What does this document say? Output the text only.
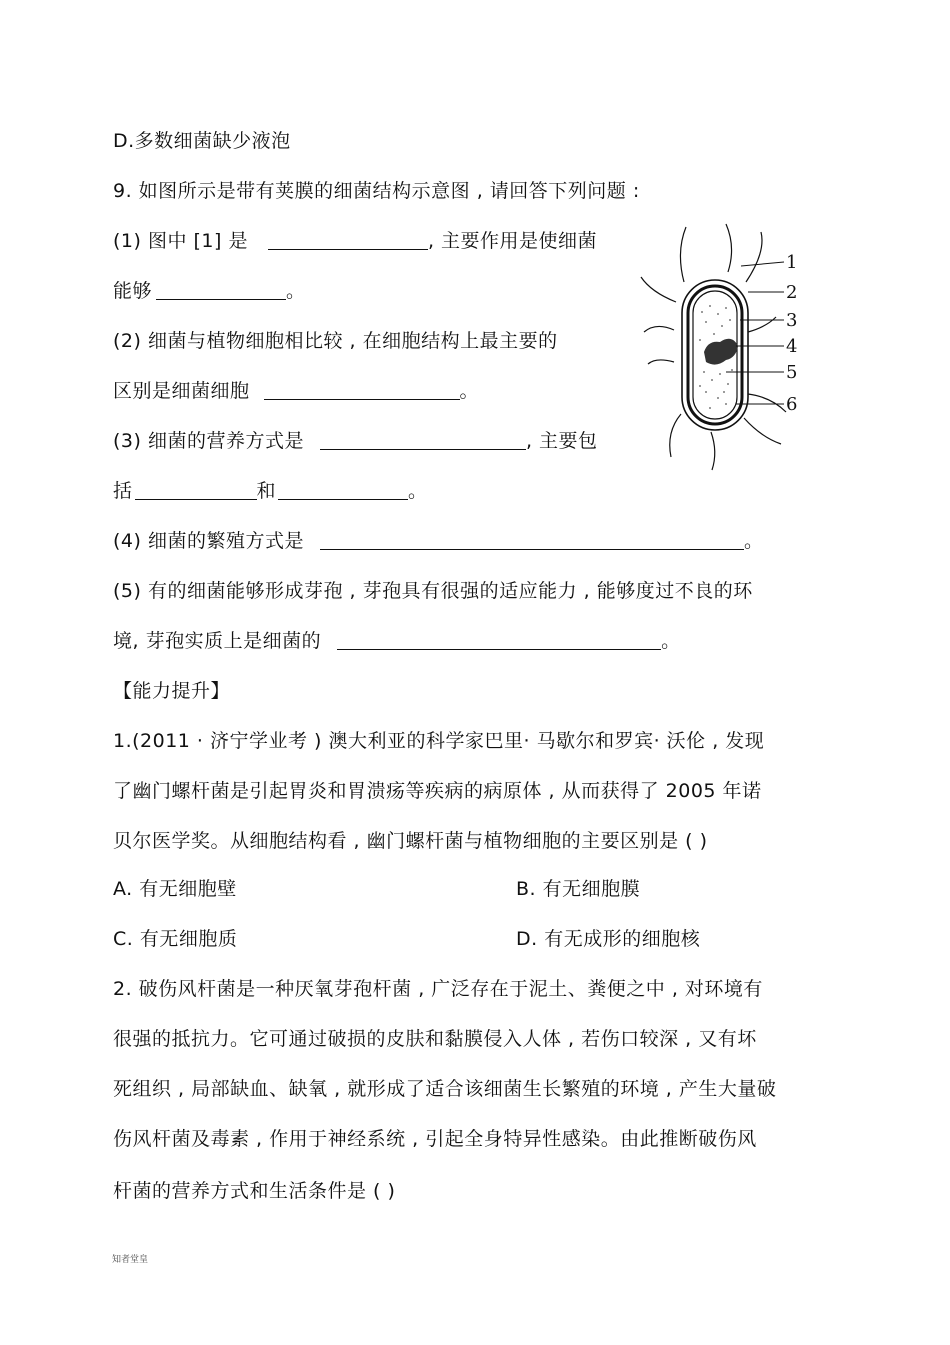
D.多数细菌缺少液泡
9. 如图所示是带有荚膜的细菌结构示意图 , 请回答下列问题 :
(1) 图中 [1] 是	, 主要作用是使细菌
能够	。
(2) 细菌与植物细胞相比较 , 在细胞结构上最主要的
区别是细菌细胞	。
(3) 细菌的营养方式是	, 主要包
括	和	。
(4) 细菌的繁殖方式是	。
(5) 有的细菌能够形成芽孢 , 芽孢具有很强的适应能力 , 能够度过不良的环
境, 芽孢实质上是细菌的	。
【能力提升】
1.(2011 · 济宁学业考 ) 澳大利亚的科学家巴里· 马歇尔和罗宾· 沃伦 , 发现
了幽门螺杆菌是引起胃炎和胃溃疡等疾病的病原体 , 从而获得了 2005 年诺
贝尔医学奖。从细胞结构看 , 幽门螺杆菌与植物细胞的主要区别是 ( )
A. 有无细胞壁	B. 有无细胞膜
C. 有无细胞质	D. 有无成形的细胞核
2. 破伤风杆菌是一种厌氧芽孢杆菌 , 广泛存在于泥土、粪便之中 , 对环境有
很强的抵抗力。它可通过破损的皮肤和黏膜侵入人体 , 若伤口较深 , 又有坏
死组织 , 局部缺血、缺氧 , 就形成了适合该细菌生长繁殖的环境 , 产生大量破
伤风杆菌及毒素 , 作用于神经系统 , 引起全身特异性感染。由此推断破伤风
杆菌的营养方式和生活条件是 ( )
知者堂皇
1
2
3
4
5
6
